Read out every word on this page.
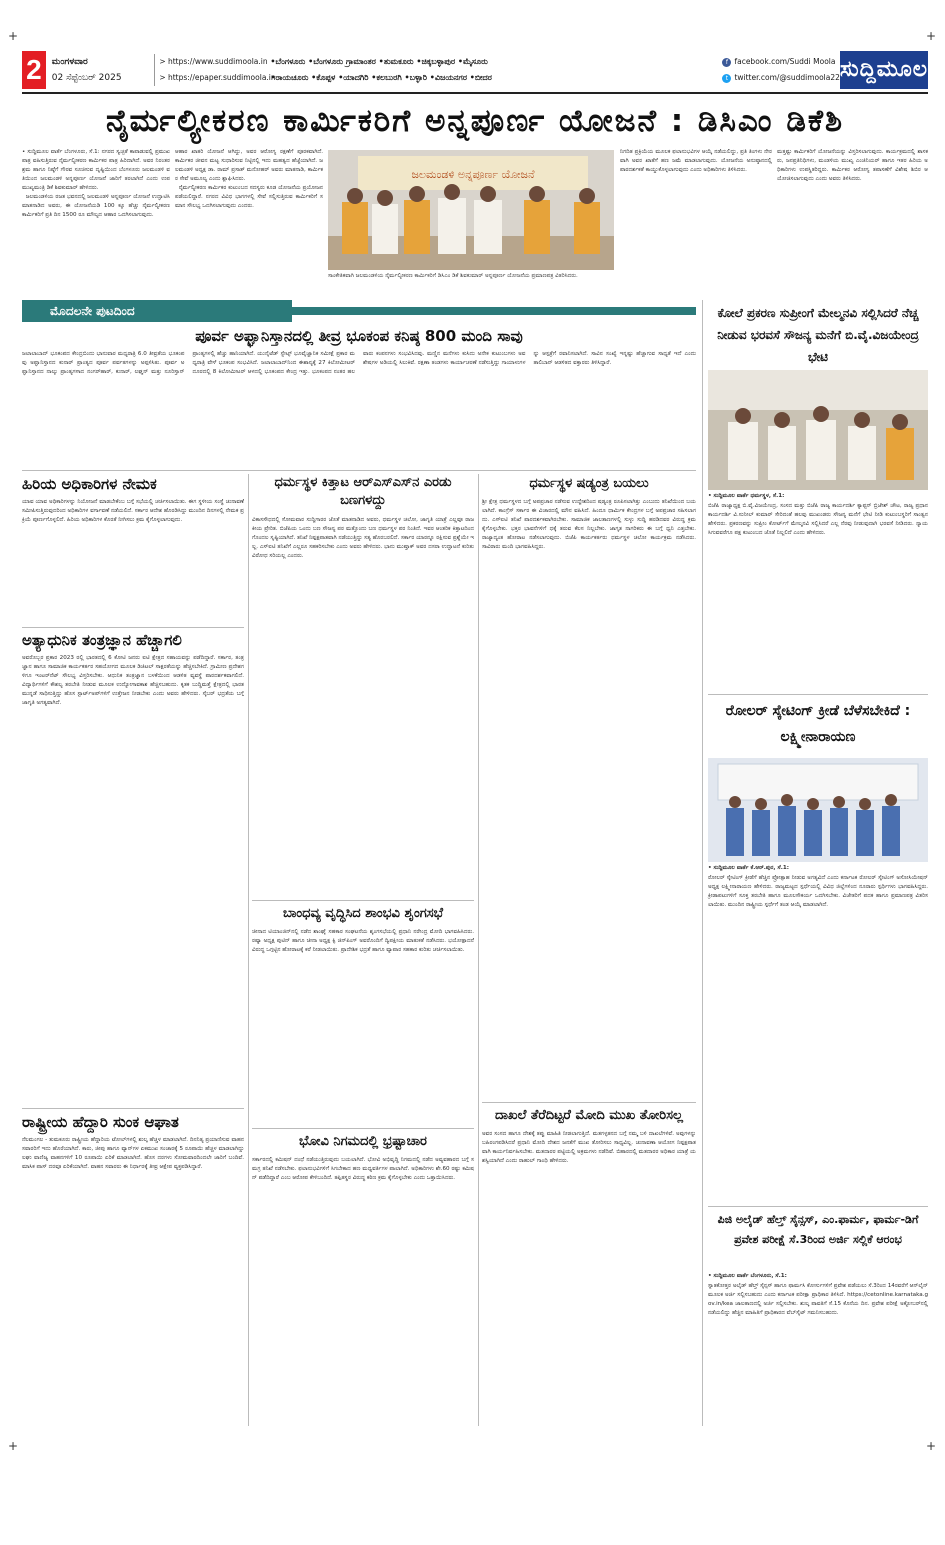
+	+
+	+
2	ಮಂಗಳವಾರ
02 ಸೆಪ್ಟೆಂಬರ್ 2025
> https://www.suddimoola.in
> https://epaper.suddimoola.in
•ಬೆಂಗಳೂರು •ಬೆಂಗಳೂರು ಗ್ರಾಮಾಂತರ •ತುಮಕೂರು •ಚಿಕ್ಕಬಳ್ಳಾಪುರ •ಮೈಸೂರು
•ರಾಯಚೂರು •ಕೊಪ್ಪಳ •ಯಾದಗಿರಿ •ಕಲಬುರಗಿ •ಬಳ್ಳಾರಿ •ವಿಜಯನಗರ •ಬೀದರ
f facebook.com/Suddi Moola
t twitter.com/@suddimoola22 ಸುದ್ದಿಮೂಲ
ನೈರ್ಮಲ್ಯೀಕರಣ ಕಾರ್ಮಿಕರಿಗೆ ಅನ್ನಪೂರ್ಣ ಯೋಜನೆ : ಡಿಸಿಎಂ ಡಿಕೆಶಿ
• ಸುದ್ದಿಮೂಲ ವಾರ್ತೆ ಬೆಂಗಳೂರು, ಸೆ.1: ನಗರದ ಸ್ವಚ್ಛತೆ ಕಾಪಾಡುವಲ್ಲಿ ಪ್ರಮುಖ ಪಾತ್ರ ವಹಿಸುತ್ತಿರುವ ನೈರ್ಮಲ್ಯೀಕರಣ ಕಾರ್ಮಿಕರ ಪಾತ್ರ ಹಿರಿದಾಗಿದೆ. ಅವರ ನಿರಂತರ ಶ್ರಮ ಹಾಗೂ ನಿಷ್ಠೆಗೆ ಗೌರವ ಸೂಚಿಸುವ ದೃಷ್ಟಿಯಿಂದ ಬೆಂಗಳೂರು ಜಲಮಂಡಳಿ ವತಿಯಿಂದ ಜಲಮಂಡಳಿ ಅನ್ನಪೂರ್ಣ ಯೋಜನೆ ಜಾರಿಗೆ ತರಲಾಗಿದೆ ಎಂದು ಉಪಮುಖ್ಯಮಂತ್ರಿ ಡಿಕೆ ಶಿವಕುಮಾರ್ ಹೇಳಿದರು.
ಜಲಮಂಡಳಿಯ ರಜತ ಭವನದಲ್ಲಿ ಜಲಮಂಡಳಿ ಅನ್ನಪೂರ್ಣ ಯೋಜನೆ ಉದ್ಘಾಟಿಸಿ ಮಾತನಾಡಿದ ಅವರು, ಈ ಯೋಜನೆಯಡಿ 100 ಕ್ಕೂ ಹೆಚ್ಚು ನೈರ್ಮಲ್ಯೀಕರಣ ಕಾರ್ಮಿಕರಿಗೆ ಪ್ರತಿ ದಿನ 1500 ರೂ ಮೌಲ್ಯದ ಆಹಾರ ಒದಗಿಸಲಾಗುವುದು.
ಆಹಾರ ಖಾತರಿ ಯೋಜನೆ ಆಗಿದ್ದು, ಅವರ ಆರೋಗ್ಯ ರಕ್ಷಣೆಗೆ ಪೂರಕವಾಗಿದೆ. ಕಾರ್ಮಿಕರ ಜೀವನ ಮಟ್ಟ ಸುಧಾರಿಸುವ ನಿಟ್ಟಿನಲ್ಲಿ ಇದು ಮಹತ್ವದ ಹೆಜ್ಜೆಯಾಗಿದೆ. ಜಲಮಂಡಳಿ ಅಧ್ಯಕ್ಷ ಡಾ. ರಾಮ್ ಪ್ರಸಾತ್ ಮನೋಹರ್ ಅವರು ಮಾತನಾಡಿ, ಕಾರ್ಮಿಕರ ಸೇವೆ ಅಮೂಲ್ಯ ಎಂದು ಶ್ಲಾಘಿಸಿದರು.
ನೈರ್ಮಲ್ಯೀಕರಣ ಕಾರ್ಮಿಕರ ಕುಟುಂಬದ ಸದಸ್ಯರು ಕೂಡ ಯೋಜನೆಯ ಪ್ರಯೋಜನ ಪಡೆಯಲಿದ್ದಾರೆ. ನಗರದ ವಿವಿಧ ಭಾಗಗಳಲ್ಲಿ ಸೇವೆ ಸಲ್ಲಿಸುತ್ತಿರುವ ಕಾರ್ಮಿಕರಿಗೆ ಸಮಾನ ಸೌಲಭ್ಯ ಒದಗಿಸಲಾಗುವುದು ಎಂದರು.
ಜಲಮಂಡಳಿ ಅನ್ನಪೂರ್ಣ ಯೋಜನೆ
ಸಾಂಕೇತಿಕವಾಗಿ ಜಲಮಂಡಳಿಯ ನೈರ್ಮಲ್ಯೀಕರಣ ಕಾರ್ಮಿಕರಿಗೆ ಡಿಸಿಎಂ ಡಿಕೆ ಶಿವಕುಮಾರ್ ಅನ್ನಪೂರ್ಣ ಯೋಜನೆಯ ಪ್ರಮಾಣಪತ್ರ ವಿತರಿಸಿದರು.
ನಿಗದಿತ ಪ್ರಕ್ರಿಯೆಯ ಮೂಲಕ ಫಲಾನುಭವಿಗಳ ಆಯ್ಕೆ ನಡೆಯಲಿದ್ದು, ಪ್ರತಿ ತಿಂಗಳು ನೇರವಾಗಿ ಅವರ ಖಾತೆಗೆ ಹಣ ಜಮೆ ಮಾಡಲಾಗುವುದು. ಯೋಜನೆಯ ಅನುಷ್ಠಾನದಲ್ಲಿ ಪಾರದರ್ಶಕತೆ ಕಾಯ್ದುಕೊಳ್ಳಲಾಗುವುದು ಎಂದು ಅಧಿಕಾರಿಗಳು ತಿಳಿಸಿದರು.
ಮತ್ತಷ್ಟು ಕಾರ್ಮಿಕರಿಗೆ ಯೋಜನೆಯನ್ನು ವಿಸ್ತರಿಸಲಾಗುವುದು. ಕಾರ್ಯಕ್ರಮದಲ್ಲಿ ಶಾಸಕರು, ಜನಪ್ರತಿನಿಧಿಗಳು, ಮಂಡಳಿಯ ಮುಖ್ಯ ಎಂಜಿನಿಯರ್ ಹಾಗೂ ಇತರ ಹಿರಿಯ ಅಧಿಕಾರಿಗಳು ಉಪಸ್ಥಿತರಿದ್ದರು. ಕಾರ್ಮಿಕರ ಆರೋಗ್ಯ ತಪಾಸಣೆಗೆ ವಿಶೇಷ ಶಿಬಿರ ಆಯೋಜಿಸಲಾಗುವುದು ಎಂದು ಅವರು ತಿಳಿಸಿದರು.
ಮೊದಲನೇ ಪುಟದಿಂದ
ಪೂರ್ವ ಅಫ್ಘಾನಿಸ್ತಾನದಲ್ಲಿ ತೀವ್ರ ಭೂಕಂಪ ಕನಿಷ್ಠ 800 ಮಂದಿ ಸಾವು
ಜಲಾಲಾಬಾದ್ ಭೂಕಂಪದ ಕೇಂದ್ರಬಿಂದು ಭಾನುವಾರ ಮಧ್ಯರಾತ್ರಿ 6.0 ತೀವ್ರತೆಯ ಭೂಕಂಪವು ಅಫ್ಘಾನಿಸ್ತಾನದ ಕುನಾರ್ ಪ್ರಾಂತ್ಯದ ಪೂರ್ವ ಪರ್ವತಗಳನ್ನು ಅಪ್ಪಳಿಸಿತು. ಪೂರ್ವ ಅಫ್ಘಾನಿಸ್ತಾನದ ನಾಲ್ಕು ಪ್ರಾಂತ್ಯಗಳಾದ ನಂಗರ್‌ಹಾರ್, ಕುನಾರ್, ಲಘ್ಮನ್ ಮತ್ತು ನೂರಿಸ್ತಾನ್ ಪ್ರಾಂತ್ಯಗಳಲ್ಲಿ ಹೆಚ್ಚು ಹಾನಿಯಾಗಿದೆ. ಯುನೈಟೆಡ್ ಸ್ಟೇಟ್ಸ್ ಭೂವೈಜ್ಞಾನಿಕ ಸಮೀಕ್ಷೆ ಪ್ರಕಾರ ಮಧ್ಯರಾತ್ರಿ ವೇಳೆ ಭೂಕಂಪ ಸಂಭವಿಸಿದೆ. ಜಲಾಲಾಬಾದ್‌ನಿಂದ ಈಶಾನ್ಯಕ್ಕೆ 27 ಕಿಲೋಮೀಟರ್ ದೂರದಲ್ಲಿ 8 ಕಿಲೋಮೀಟರ್ ಆಳದಲ್ಲಿ ಭೂಕಂಪದ ಕೇಂದ್ರ ಇತ್ತು. ಭೂಕಂಪದ ನಂತರ ಹಲವಾರು ಕಂಪನಗಳು ಸಂಭವಿಸಿದವು. ಮಣ್ಣಿನ ಮನೆಗಳು ಕುಸಿದು ಅನೇಕ ಕುಟುಂಬಗಳು ಅವಶೇಷಗಳ ಅಡಿಯಲ್ಲಿ ಸಿಲುಕಿವೆ. ರಕ್ಷಣಾ ತಂಡಗಳು ಕಾರ್ಯಾಚರಣೆ ನಡೆಸುತ್ತಿದ್ದು ಗಾಯಾಳುಗಳನ್ನು ಆಸ್ಪತ್ರೆಗೆ ರವಾನಿಸಲಾಗಿದೆ. ಸಾವಿನ ಸಂಖ್ಯೆ ಇನ್ನಷ್ಟು ಹೆಚ್ಚಾಗುವ ಸಾಧ್ಯತೆ ಇದೆ ಎಂದು ತಾಲಿಬಾನ್ ಆಡಳಿತದ ವಕ್ತಾರರು ತಿಳಿಸಿದ್ದಾರೆ.
ಹಿರಿಯ ಅಧಿಕಾರಿಗಳ ನೇಮಕ
ಯಾವ ಯಾವ ಅಧಿಕಾರಿಗಳನ್ನು ನಿಯೋಜನೆ ಮಾಡಬೇಕೆಂಬ ಬಗ್ಗೆ ಸಭೆಯಲ್ಲಿ ಚರ್ಚಿಸಲಾಯಿತು. ಈಗ ಸ್ಥಳೀಯ ಸಂಸ್ಥೆ ಚುನಾವಣೆ ಸಮೀಪಿಸುತ್ತಿರುವುದರಿಂದ ಅಧಿಕಾರಿಗಳ ವರ್ಗಾವಣೆ ನಡೆಯಲಿದೆ. ಸರ್ಕಾರ ಆದೇಶ ಹೊರಡಿಸಿದ್ದು ಮುಂದಿನ ದಿನಗಳಲ್ಲಿ ನೇಮಕ ಪ್ರಕ್ರಿಯೆ ಪೂರ್ಣಗೊಳ್ಳಲಿದೆ. ಹಿರಿಯ ಅಧಿಕಾರಿಗಳ ಕೊರತೆ ನೀಗಿಸಲು ಕ್ರಮ ಕೈಗೊಳ್ಳಲಾಗುವುದು.
ಅತ್ಯಾಧುನಿಕ ತಂತ್ರಜ್ಞಾನ ಹೆಚ್ಚಾಗಲಿ
ಅವರೊಬ್ಬರ ಪ್ರಕಾರ 2023 ರಲ್ಲಿ ಭಾರತದಲ್ಲಿ 6 ಕೋಟಿ ಜನರು ಐಟಿ ಕ್ಷೇತ್ರದ ಸಹಾಯವನ್ನು ಪಡೆದಿದ್ದಾರೆ. ಸರ್ಕಾರ, ತಂತ್ರಜ್ಞಾನ ಹಾಗೂ ಸಾಮಾಜಿಕ ಕಾರ್ಯಕರ್ತರ ಸಹಯೋಗದ ಮೂಲಕ ಡಿಜಿಟಲ್ ಸಾಕ್ಷರತೆಯನ್ನು ಹೆಚ್ಚಿಸಬೇಕಿದೆ. ಗ್ರಾಮೀಣ ಪ್ರದೇಶಗಳಿಗೂ ಇಂಟರ್‌ನೆಟ್ ಸೌಲಭ್ಯ ವಿಸ್ತರಿಸಬೇಕು. ಆಧುನಿಕ ತಂತ್ರಜ್ಞಾನ ಬಳಕೆಯಿಂದ ಆಡಳಿತ ವ್ಯವಸ್ಥೆ ಪಾರದರ್ಶಕವಾಗಲಿದೆ. ವಿದ್ಯಾರ್ಥಿಗಳಿಗೆ ಕೌಶಲ್ಯ ತರಬೇತಿ ನೀಡುವ ಮೂಲಕ ಉದ್ಯೋಗಾವಕಾಶ ಹೆಚ್ಚಿಸಬಹುದು. ಕೃತಕ ಬುದ್ಧಿಮತ್ತೆ ಕ್ಷೇತ್ರದಲ್ಲಿ ಭಾರತ ಮುನ್ನಡೆ ಸಾಧಿಸುತ್ತಿದ್ದು ಹೊಸ ಸ್ಟಾರ್ಟ್‌ಅಪ್‌ಗಳಿಗೆ ಉತ್ತೇಜನ ನೀಡಬೇಕು ಎಂದು ಅವರು ಹೇಳಿದರು. ಸೈಬರ್ ಭದ್ರತೆಯ ಬಗ್ಗೆ ಜಾಗೃತಿ ಅಗತ್ಯವಾಗಿದೆ.
ರಾಷ್ಟ್ರೀಯ ಹೆದ್ದಾರಿ ಸುಂಕ ಆಘಾತ
ನೆಲಮಂಗಲ - ತುಮಕೂರು ರಾಷ್ಟ್ರೀಯ ಹೆದ್ದಾರಿಯ ಟೋಲ್‌ಗಳಲ್ಲಿ ಶುಲ್ಕ ಹೆಚ್ಚಳ ಮಾಡಲಾಗಿದೆ. ದಿನನಿತ್ಯ ಪ್ರಯಾಣಿಸುವ ವಾಹನ ಸವಾರರಿಗೆ ಇದು ಹೊರೆಯಾಗಿದೆ. ಕಾರು, ಜೀಪು ಹಾಗೂ ವ್ಯಾನ್‌ಗಳ ಏಕಮುಖ ಸಂಚಾರಕ್ಕೆ 5 ರೂಪಾಯಿ ಹೆಚ್ಚಳ ಮಾಡಲಾಗಿದ್ದು ಲಘು ವಾಣಿಜ್ಯ ವಾಹನಗಳಿಗೆ 10 ರೂಪಾಯಿ ಏರಿಕೆ ಮಾಡಲಾಗಿದೆ. ಹೊಸ ದರಗಳು ಸೋಮವಾರದಿಂದಲೇ ಜಾರಿಗೆ ಬಂದಿವೆ. ಮಾಸಿಕ ಪಾಸ್ ದರವೂ ಏರಿಕೆಯಾಗಿದೆ. ವಾಹನ ಸವಾರರು ಈ ನಿರ್ಧಾರಕ್ಕೆ ತೀವ್ರ ಆಕ್ಷೇಪ ವ್ಯಕ್ತಪಡಿಸಿದ್ದಾರೆ.
ಧರ್ಮಸ್ಥಳ ಕಿತ್ತಾಟ ಆರ್‌ಎಸ್‌ಎಸ್‌ನ ಎರಡು ಬಣಗಳದ್ದು
ವಿಕಾಸಸೌಧದಲ್ಲಿ ಸೋಮವಾರ ಸುದ್ದಿಗಾರರ ಜೊತೆ ಮಾತನಾಡಿದ ಅವರು, ಧರ್ಮಸ್ಥಳ ಚಲೋ, ಜಾಗೃತಿ ಯಾತ್ರೆ ಎಲ್ಲವೂ ರಾಜಕೀಯ ಪ್ರೇರಿತ. ಬಿಜೆಪಿಯ ಒಂದು ಬಣ ಸೌಜನ್ಯ ಪರ ಮತ್ತೊಂದು ಬಣ ಧರ್ಮಸ್ಥಳ ಪರ ನಿಂತಿದೆ. ಇವರ ಆಂತರಿಕ ಕಿತ್ತಾಟದಿಂದ ಗೊಂದಲ ಸೃಷ್ಟಿಯಾಗಿದೆ. ತನಿಖೆ ನಿಷ್ಪಕ್ಷಪಾತವಾಗಿ ನಡೆಯುತ್ತಿದ್ದು ಸತ್ಯ ಹೊರಬರಲಿದೆ. ಸರ್ಕಾರ ಯಾರನ್ನೂ ರಕ್ಷಿಸುವ ಪ್ರಶ್ನೆಯೇ ಇಲ್ಲ. ಎಸ್‌ಐಟಿ ತನಿಖೆಗೆ ಎಲ್ಲರೂ ಸಹಕರಿಸಬೇಕು ಎಂದು ಅವರು ಹೇಳಿದರು. ಭಾನು ಮುಷ್ತಾಕ್ ಅವರ ದಸರಾ ಉದ್ಘಾಟನೆ ಕುರಿತು ವಿರೋಧ ಸರಿಯಲ್ಲ ಎಂದರು.
ಬಾಂಧವ್ಯ ವೃದ್ಧಿಸಿದ ಶಾಂಭವಿ ಶೃಂಗಸಭೆ
ಚೀನಾದ ಟಿಯಾಂಜಿನ್‌ನಲ್ಲಿ ನಡೆದ ಶಾಂಘೈ ಸಹಕಾರ ಸಂಘಟನೆಯ ಶೃಂಗಸಭೆಯಲ್ಲಿ ಪ್ರಧಾನಿ ನರೇಂದ್ರ ಮೋದಿ ಭಾಗವಹಿಸಿದರು. ರಷ್ಯಾ ಅಧ್ಯಕ್ಷ ಪುಟಿನ್ ಹಾಗೂ ಚೀನಾ ಅಧ್ಯಕ್ಷ ಕ್ಸಿ ಜಿನ್‌ಪಿಂಗ್ ಅವರೊಂದಿಗೆ ದ್ವಿಪಕ್ಷೀಯ ಮಾತುಕತೆ ನಡೆಸಿದರು. ಭಯೋತ್ಪಾದನೆ ವಿರುದ್ಧ ಒಗ್ಗಟ್ಟಿನ ಹೋರಾಟಕ್ಕೆ ಕರೆ ನೀಡಲಾಯಿತು. ಪ್ರಾದೇಶಿಕ ಭದ್ರತೆ ಹಾಗೂ ವ್ಯಾಪಾರ ಸಹಕಾರ ಕುರಿತು ಚರ್ಚಿಸಲಾಯಿತು.
ಭೋವಿ ನಿಗಮದಲ್ಲಿ ಭ್ರಷ್ಟಾಚಾರ
ಸರ್ಕಾರದಲ್ಲಿ ಕಮಿಷನ್ ದಂಧೆ ನಡೆಯುತ್ತಿರುವುದು ಬಯಲಾಗಿದೆ. ಭೋವಿ ಅಭಿವೃದ್ಧಿ ನಿಗಮದಲ್ಲಿ ನಡೆದ ಅವ್ಯವಹಾರದ ಬಗ್ಗೆ ಸಮಗ್ರ ತನಿಖೆ ನಡೆಸಬೇಕು. ಫಲಾನುಭವಿಗಳಿಗೆ ಸಿಗಬೇಕಾದ ಹಣ ಮಧ್ಯವರ್ತಿಗಳ ಪಾಲಾಗಿದೆ. ಅಧಿಕಾರಿಗಳು ಶೇ.60 ರಷ್ಟು ಕಮಿಷನ್ ಪಡೆದಿದ್ದಾರೆ ಎಂಬ ಆರೋಪ ಕೇಳಿಬಂದಿದೆ. ತಪ್ಪಿತಸ್ಥರ ವಿರುದ್ಧ ಕಠಿಣ ಕ್ರಮ ಕೈಗೊಳ್ಳಬೇಕು ಎಂದು ಒತ್ತಾಯಿಸಿದರು.
ಧರ್ಮಸ್ಥಳ ಷಡ್ಯಂತ್ರ ಬಯಲು
ಶ್ರೀ ಕ್ಷೇತ್ರ ಧರ್ಮಸ್ಥಳದ ಬಗ್ಗೆ ಅಪಪ್ರಚಾರ ನಡೆಸುವ ಉದ್ದೇಶದಿಂದ ಷಡ್ಯಂತ್ರ ರೂಪಿಸಲಾಗಿತ್ತು ಎಂಬುದು ತನಿಖೆಯಿಂದ ಬಯಲಾಗಿದೆ. ಕಾಂಗ್ರೆಸ್ ಸರ್ಕಾರ ಈ ವಿಚಾರದಲ್ಲಿ ಮೌನ ವಹಿಸಿದೆ. ಹಿಂದೂ ಧಾರ್ಮಿಕ ಕೇಂದ್ರಗಳ ಬಗ್ಗೆ ಅಪಪ್ರಚಾರ ಸಹಿಸಲಾಗದು. ಎಸ್‌ಐಟಿ ತನಿಖೆ ಪಾರದರ್ಶಕವಾಗಿರಬೇಕು. ಸಾಮಾಜಿಕ ಜಾಲತಾಣಗಳಲ್ಲಿ ಸುಳ್ಳು ಸುದ್ದಿ ಹರಡಿದವರ ವಿರುದ್ಧ ಕ್ರಮ ಕೈಗೊಳ್ಳಬೇಕು. ಭಕ್ತರ ಭಾವನೆಗಳಿಗೆ ಧಕ್ಕೆ ತರುವ ಕೆಲಸ ನಿಲ್ಲಬೇಕು. ಜಾಗೃತ ನಾಗರಿಕರು ಈ ಬಗ್ಗೆ ಧ್ವನಿ ಎತ್ತಬೇಕು. ರಾಜ್ಯಾದ್ಯಂತ ಹೋರಾಟ ನಡೆಸಲಾಗುವುದು. ಬಿಜೆಪಿ ಕಾರ್ಯಕರ್ತರು ಧರ್ಮಸ್ಥಳ ಚಲೋ ಕಾರ್ಯಕ್ರಮ ನಡೆಸಿದರು. ಸಾವಿರಾರು ಮಂದಿ ಭಾಗವಹಿಸಿದ್ದರು.
ದಾಖಲೆ ತೆರೆದಿಟ್ಟರೆ ಮೋದಿ ಮುಖ ತೋರಿಸಲ್ಲ
ಅವರ ಸಂಸದ ಹಾಗೂ ದೇಶಕ್ಕೆ ತಪ್ಪು ಮಾಹಿತಿ ನೀಡಲಾಗುತ್ತಿದೆ. ಮತಗಳ್ಳತನದ ಬಗ್ಗೆ ನಮ್ಮ ಬಳಿ ದಾಖಲೆಗಳಿವೆ. ಅವುಗಳನ್ನು ಬಹಿರಂಗಪಡಿಸಿದರೆ ಪ್ರಧಾನಿ ಮೋದಿ ದೇಶದ ಜನತೆಗೆ ಮುಖ ತೋರಿಸಲು ಸಾಧ್ಯವಿಲ್ಲ. ಚುನಾವಣಾ ಆಯೋಗ ನಿಷ್ಪಕ್ಷಪಾತವಾಗಿ ಕಾರ್ಯನಿರ್ವಹಿಸಬೇಕು. ಮತದಾರರ ಪಟ್ಟಿಯಲ್ಲಿ ಅಕ್ರಮಗಳು ನಡೆದಿವೆ. ಬಿಹಾರದಲ್ಲಿ ಮತದಾರರ ಅಧಿಕಾರ ಯಾತ್ರೆ ಯಶಸ್ವಿಯಾಗಿದೆ ಎಂದು ರಾಹುಲ್ ಗಾಂಧಿ ಹೇಳಿದರು.
ಕೋಲೆ ಪ್ರಕರಣ ಸುಪ್ರೀಂಗೆ ಮೇಲ್ಮನವಿ ಸಲ್ಲಿಸಿದರೆ ನೆಚ್ಚ ನೀಡುವ ಭರವಸೆ ಸೌಜನ್ಯ ಮನೆಗೆ ಬಿ.ವೈ.ವಿಜಯೇಂದ್ರ ಭೇಟಿ
• ಸುದ್ದಿಮೂಲ ವಾರ್ತೆ ಧರ್ಮಸ್ಥಳ, ಸೆ.1:
ಬಿಜೆಪಿ ರಾಜ್ಯಾಧ್ಯಕ್ಷ ಬಿ.ವೈ.ವಿಜಯೇಂದ್ರ, ಸಂಸದ ಮತ್ತು ಬಿಜೆಪಿ ರಾಜ್ಯ ಕಾರ್ಯದರ್ಶಿ ಕ್ಯಾಪ್ಟನ್ ಬ್ರಿಜೇಶ್ ಚೌಟ, ರಾಜ್ಯ ಪ್ರಧಾನ ಕಾರ್ಯದರ್ಶಿ ವಿ.ಸುನೀಲ್ ಕುಮಾರ್ ಸೇರಿದಂತೆ ಹಲವು ಮುಖಂಡರು ಸೌಜನ್ಯ ಮನೆಗೆ ಭೇಟಿ ನೀಡಿ ಕುಟುಂಬಸ್ಥರಿಗೆ ಸಾಂತ್ವನ ಹೇಳಿದರು. ಪ್ರಕರಣವನ್ನು ಸುಪ್ರೀಂ ಕೋರ್ಟ್‌ಗೆ ಮೇಲ್ಮನವಿ ಸಲ್ಲಿಸಿದರೆ ಎಲ್ಲ ನೆರವು ನೀಡುವುದಾಗಿ ಭರವಸೆ ನೀಡಿದರು. ನ್ಯಾಯ ಸಿಗುವವರೆಗೂ ಪಕ್ಷ ಕುಟುಂಬದ ಜೊತೆ ನಿಲ್ಲಲಿದೆ ಎಂದು ಹೇಳಿದರು.
ರೋಲರ್ ಸ್ಕೇಟಿಂಗ್ ಕ್ರೀಡೆ ಬೆಳೆಸಬೇಕಿದೆ : ಲಕ್ಷ್ಮೀನಾರಾಯಣ
• ಸುದ್ದಿಮೂಲ ವಾರ್ತೆ ಕೆ.ಆರ್.ಪುರ, ಸೆ.1:
ರೋಲರ್ ಸ್ಕೇಟಿಂಗ್ ಕ್ರೀಡೆಗೆ ಹೆಚ್ಚಿನ ಪ್ರೋತ್ಸಾಹ ನೀಡುವ ಅಗತ್ಯವಿದೆ ಎಂದು ಕರ್ನಾಟಕ ರೋಲರ್ ಸ್ಕೇಟಿಂಗ್ ಅಸೋಸಿಯೇಷನ್ ಅಧ್ಯಕ್ಷ ಲಕ್ಷ್ಮೀನಾರಾಯಣ ಹೇಳಿದರು. ರಾಜ್ಯಮಟ್ಟದ ಸ್ಪರ್ಧೆಯಲ್ಲಿ ವಿವಿಧ ಜಿಲ್ಲೆಗಳಿಂದ ನೂರಾರು ಸ್ಪರ್ಧಿಗಳು ಭಾಗವಹಿಸಿದ್ದರು. ಕ್ರೀಡಾಪಟುಗಳಿಗೆ ಸೂಕ್ತ ತರಬೇತಿ ಹಾಗೂ ಮೂಲಸೌಕರ್ಯ ಒದಗಿಸಬೇಕು. ವಿಜೇತರಿಗೆ ಪದಕ ಹಾಗೂ ಪ್ರಮಾಣಪತ್ರ ವಿತರಿಸಲಾಯಿತು. ಮುಂದಿನ ರಾಷ್ಟ್ರೀಯ ಸ್ಪರ್ಧೆಗೆ ತಂಡ ಆಯ್ಕೆ ಮಾಡಲಾಗಿದೆ.
ಪಿಜಿ ಅಲೈಡ್ ಹೆಲ್ತ್ ಸೈನ್ಸಸ್, ಎಂ.ಫಾರ್ಮ, ಫಾರ್ಮ-ಡಿಗೆ ಪ್ರವೇಶ ಪರೀಕ್ಷೆ ಸೆ.3ರಿಂದ ಅರ್ಜಿ ಸಲ್ಲಿಕೆ ಆರಂಭ
• ಸುದ್ದಿಮೂಲ ವಾರ್ತೆ ಬೆಂಗಳೂರು, ಸೆ.1:
ಸ್ನಾತಕೋತ್ತರ ಅಲೈಡ್ ಹೆಲ್ತ್ ಸೈನ್ಸಸ್ ಹಾಗೂ ಫಾರ್ಮಸಿ ಕೋರ್ಸುಗಳಿಗೆ ಪ್ರವೇಶ ಪಡೆಯಲು ಸೆ.3ರಿಂದ 14ರವರೆಗೆ ಆನ್‌ಲೈನ್ ಮೂಲಕ ಅರ್ಜಿ ಸಲ್ಲಿಸಬಹುದು ಎಂದು ಕರ್ನಾಟಕ ಪರೀಕ್ಷಾ ಪ್ರಾಧಿಕಾರ ತಿಳಿಸಿದೆ. https://cetonline.karnataka.gov.in/kea ಜಾಲತಾಣದಲ್ಲಿ ಅರ್ಜಿ ಸಲ್ಲಿಸಬೇಕು. ಶುಲ್ಕ ಪಾವತಿಗೆ ಸೆ.15 ಕೊನೆಯ ದಿನ. ಪ್ರವೇಶ ಪರೀಕ್ಷೆ ಅಕ್ಟೋಬರ್‌ನಲ್ಲಿ ನಡೆಯಲಿದ್ದು ಹೆಚ್ಚಿನ ಮಾಹಿತಿಗೆ ಪ್ರಾಧಿಕಾರದ ವೆಬ್‌ಸೈಟ್ ಗಮನಿಸಬಹುದು.
